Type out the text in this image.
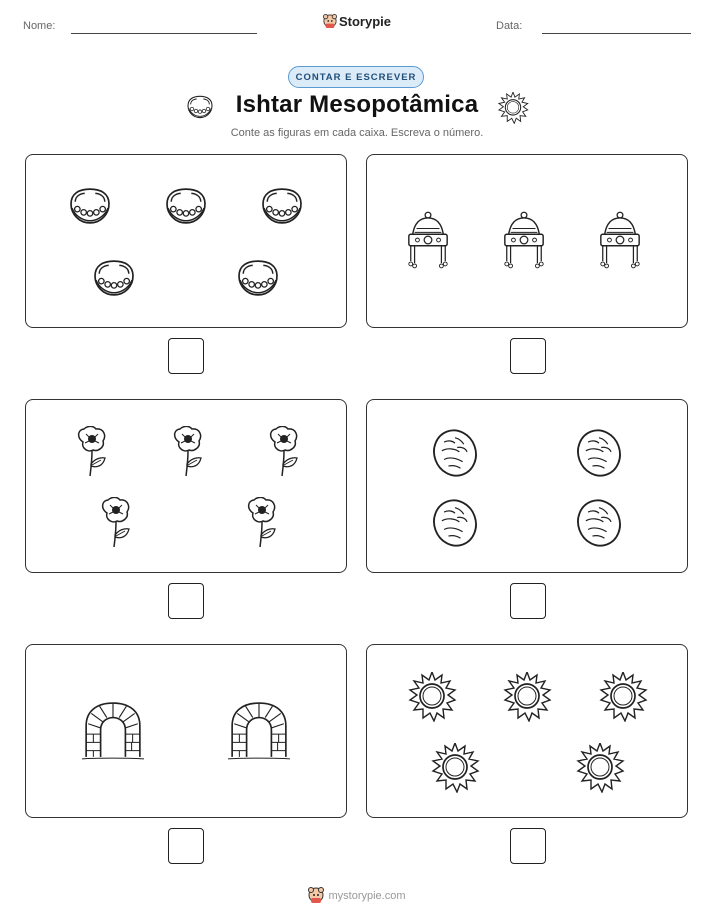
Nome:	Storypie	Data:
CONTAR E ESCREVER
Ishtar Mesopotâmica
Conte as figuras em cada caixa. Escreva o número.
mystorypie.com
